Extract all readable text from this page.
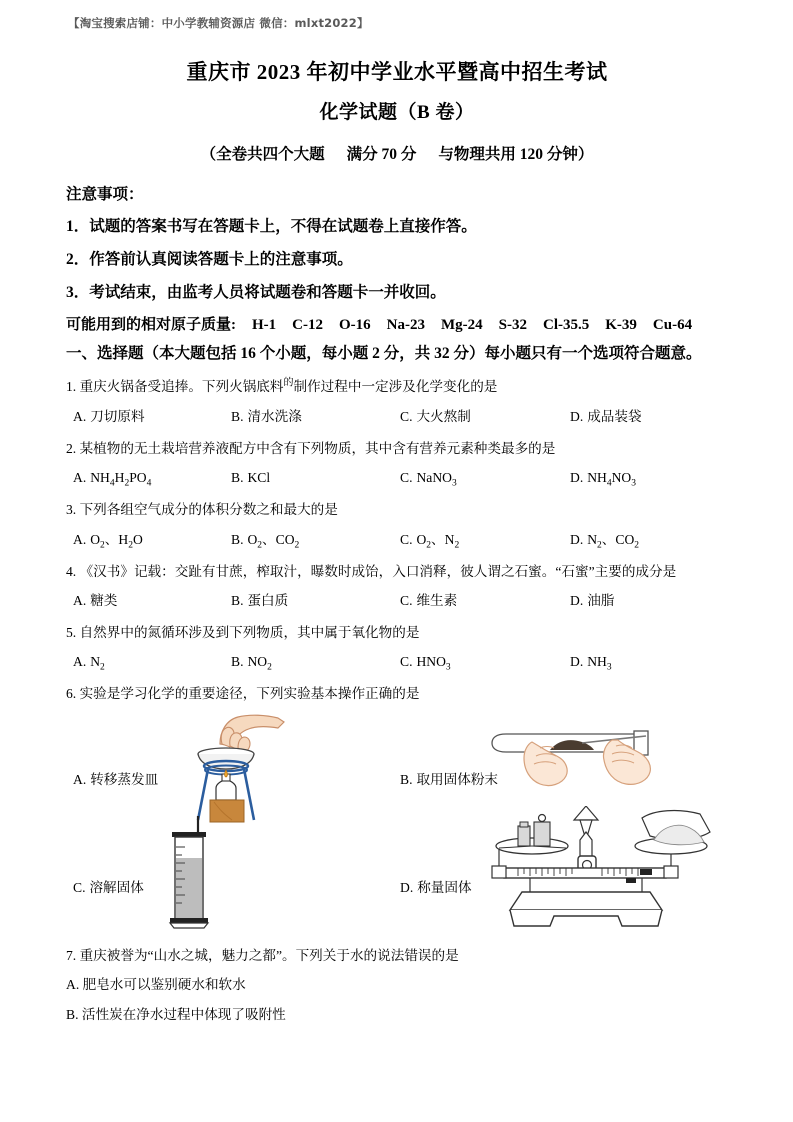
【淘宝搜索店铺：中小学教辅资源店 微信：mlxt2022】
重庆市 2023 年初中学业水平暨高中招生考试
化学试题（B 卷）
（全卷共四个大题 满分 70 分 与物理共用 120 分钟）
注意事项：
1．试题的答案书写在答题卡上，不得在试题卷上直接作答。
2．作答前认真阅读答题卡上的注意事项。
3．考试结束，由监考人员将试题卷和答题卡一并收回。
可能用到的相对原子质量: H-1 C-12 O-16 Na-23 Mg-24 S-32 Cl-35.5 K-39 Cu-64
一、选择题（本大题包括 16 个小题，每小题 2 分，共 32 分）每小题只有一个选项符合题意。
1. 重庆火锅备受追捧。下列火锅底料$^的$制作过程中一定涉及化学变化的是
A. 刀切原料	B. 清水洗涤	C. 大火熬制	D. 成品装袋
2. 某植物的无土栽培营养液配方中含有下列物质，其中含有营养元素种类最多的是
A. $NH_4H_2PO_4$	B. KCl	C. NaNO$_3$	D. $NH_4NO_3$
3. 下列各组空气成分的体积分数之和最大的是
A. $O_2$、$H_2O$	B. $O_2$、$CO_2$	C. $O_2$、$N_2$	D. $N_2$、$CO_2$
4. 《汉书》记载：交趾有甘蔗，榨取汁，曝数时成饴，入口消释，彼人谓之石蜜。“石蜜”主要的成分是
A. 糖类	B. 蛋白质	C. 维生素	D. 油脂
5. 自然界中的氮循环涉及到下列物质，其中属于氧化物的是
A. $N_2$	B. $NO_2$	C. $HNO_3$	D. $NH_3$
6. 实验是学习化学的重要途径，下列实验基本操作正确的是
A. 转移蒸发皿	B. 取用固体粉末
C. 溶解固体	D. 称量固体
7. 重庆被誉为“山水之城，魅力之都”。下列关于水的说法错误的是
A. 肥皂水可以鉴别硬水和软水
B. 活性炭在净水过程中体现了吸附性
